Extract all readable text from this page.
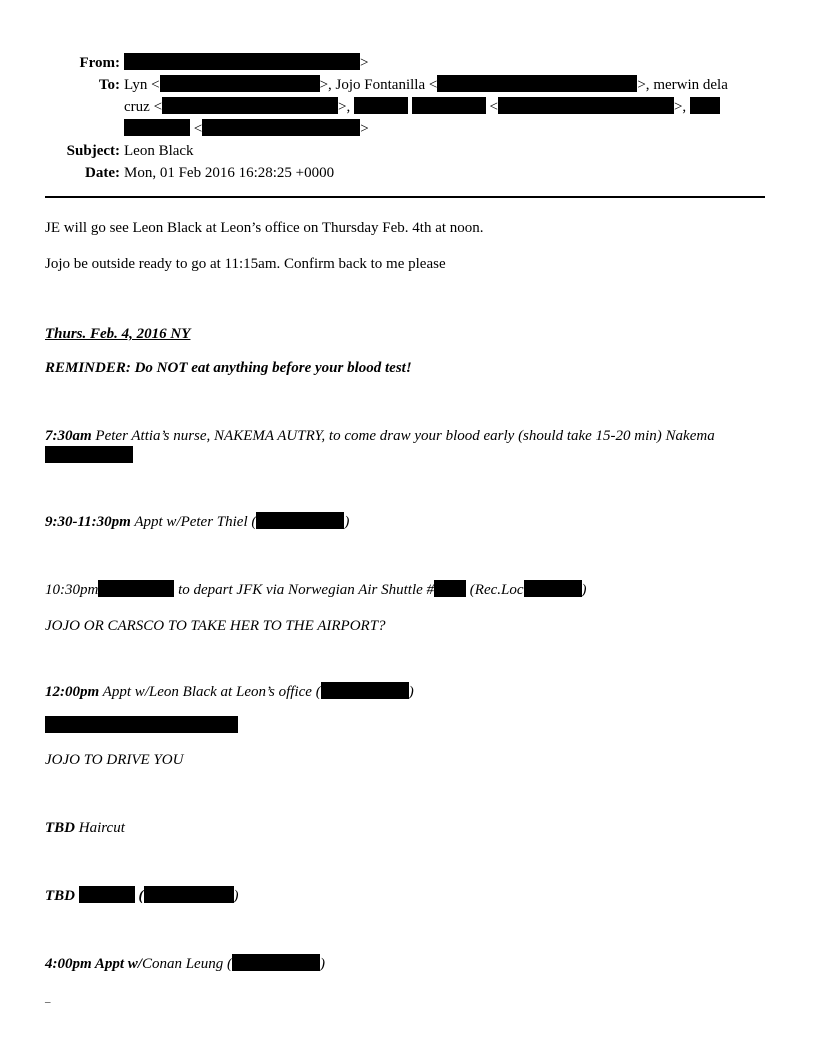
From:	>
To: Lyn <	>, Jojo Fontanilla <	>, merwin dela
cruz <	>,	<	>,
<	>
Subject: Leon Black
Date: Mon, 01 Feb 2016 16:28:25 +0000
JE will go see Leon Black at Leon’s office on Thursday Feb. 4th at noon.
Jojo be outside ready to go at 11:15am. Confirm back to me please
Thurs. Feb. 4, 2016 NY
REMINDER: Do NOT eat anything before your blood test!
7:30am Peter Attia’s nurse, NAKEMA AUTRY, to come draw your blood early (should take 15-20 min) Nakema
9:30-11:30pm Appt w/Peter Thiel (	)
10:30pm	to depart JFK via Norwegian Air Shuttle # (Rec.Loc	)
JOJO OR CARSCO TO TAKE HER TO THE AIRPORT?
12:00pm Appt w/Leon Black at Leon’s office (	)
JOJO TO DRIVE YOU
TBD Haircut
TBD	(	)
4:00pm Appt w/Conan Leung (	)
_
